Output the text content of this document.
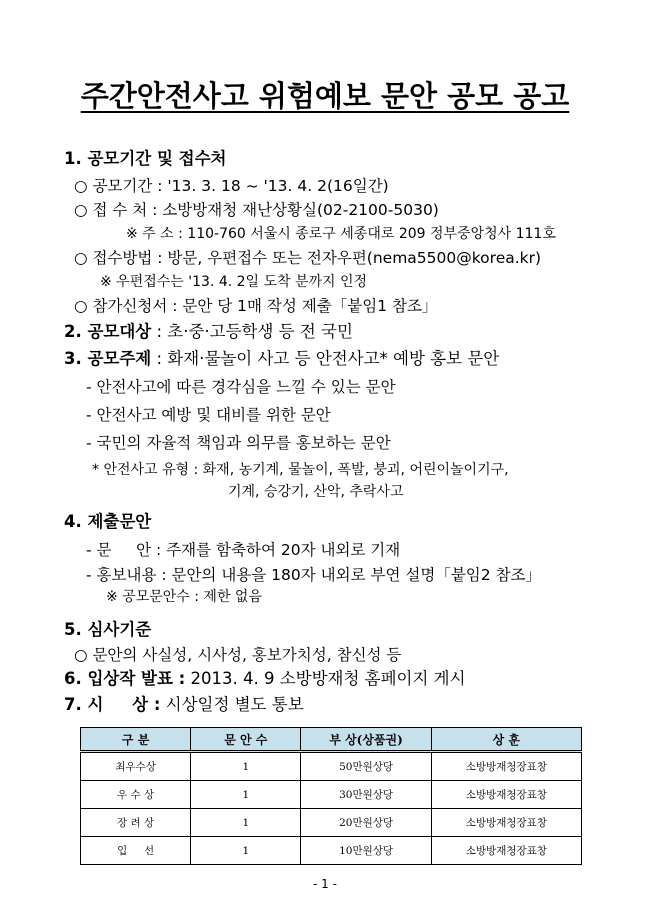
주간안전사고 위험예보 문안 공모 공고
1. 공모기간 및 접수처
○ 공모기간 : '13. 3. 18 ~ '13. 4. 2(16일간)
○ 접 수 처 : 소방방재청 재난상황실(02-2100-5030)
※ 주 소 : 110-760 서울시 종로구 세종대로 209 정부중앙청사 111호
○ 접수방법 : 방문, 우편접수 또는 전자우편(nema5500@korea.kr)
※ 우편접수는 '13. 4. 2일 도착 분까지 인정
○ 참가신청서 : 문안 당 1매 작성 제출「붙임1 참조」
2. 공모대상 : 초·중·고등학생 등 전 국민
3. 공모주제 : 화재·물놀이 사고 등 안전사고* 예방 홍보 문안
- 안전사고에 따른 경각심을 느낄 수 있는 문안
- 안전사고 예방 및 대비를 위한 문안
- 국민의 자율적 책임과 의무를 홍보하는 문안
* 안전사고 유형 : 화재, 농기계, 물놀이, 폭발, 붕괴, 어린이놀이기구,
기계, 승강기, 산악, 추락사고
4. 제출문안
- 문     안 : 주재를 함축하여 20자 내외로 기재
- 홍보내용 : 문안의 내용을 180자 내외로 부연 설명「붙임2 참조」
※ 공모문안수 : 제한 없음
5. 심사기준
○ 문안의 사실성, 시사성, 홍보가치성, 참신성 등
6. 입상작 발표 : 2013. 4. 9 소방방재청 홈페이지 게시
7. 시     상 : 시상일정 별도 통보
구 분	문 안 수	부 상(상품권)	상 훈
최우수상	1	50만원상당	소방방재청장표창
우 수 상	1	30만원상당	소방방재청장표창
장 려 상	1	20만원상당	소방방재청장표창
입     선	1	10만원상당	소방방재청장표창
- 1 -
